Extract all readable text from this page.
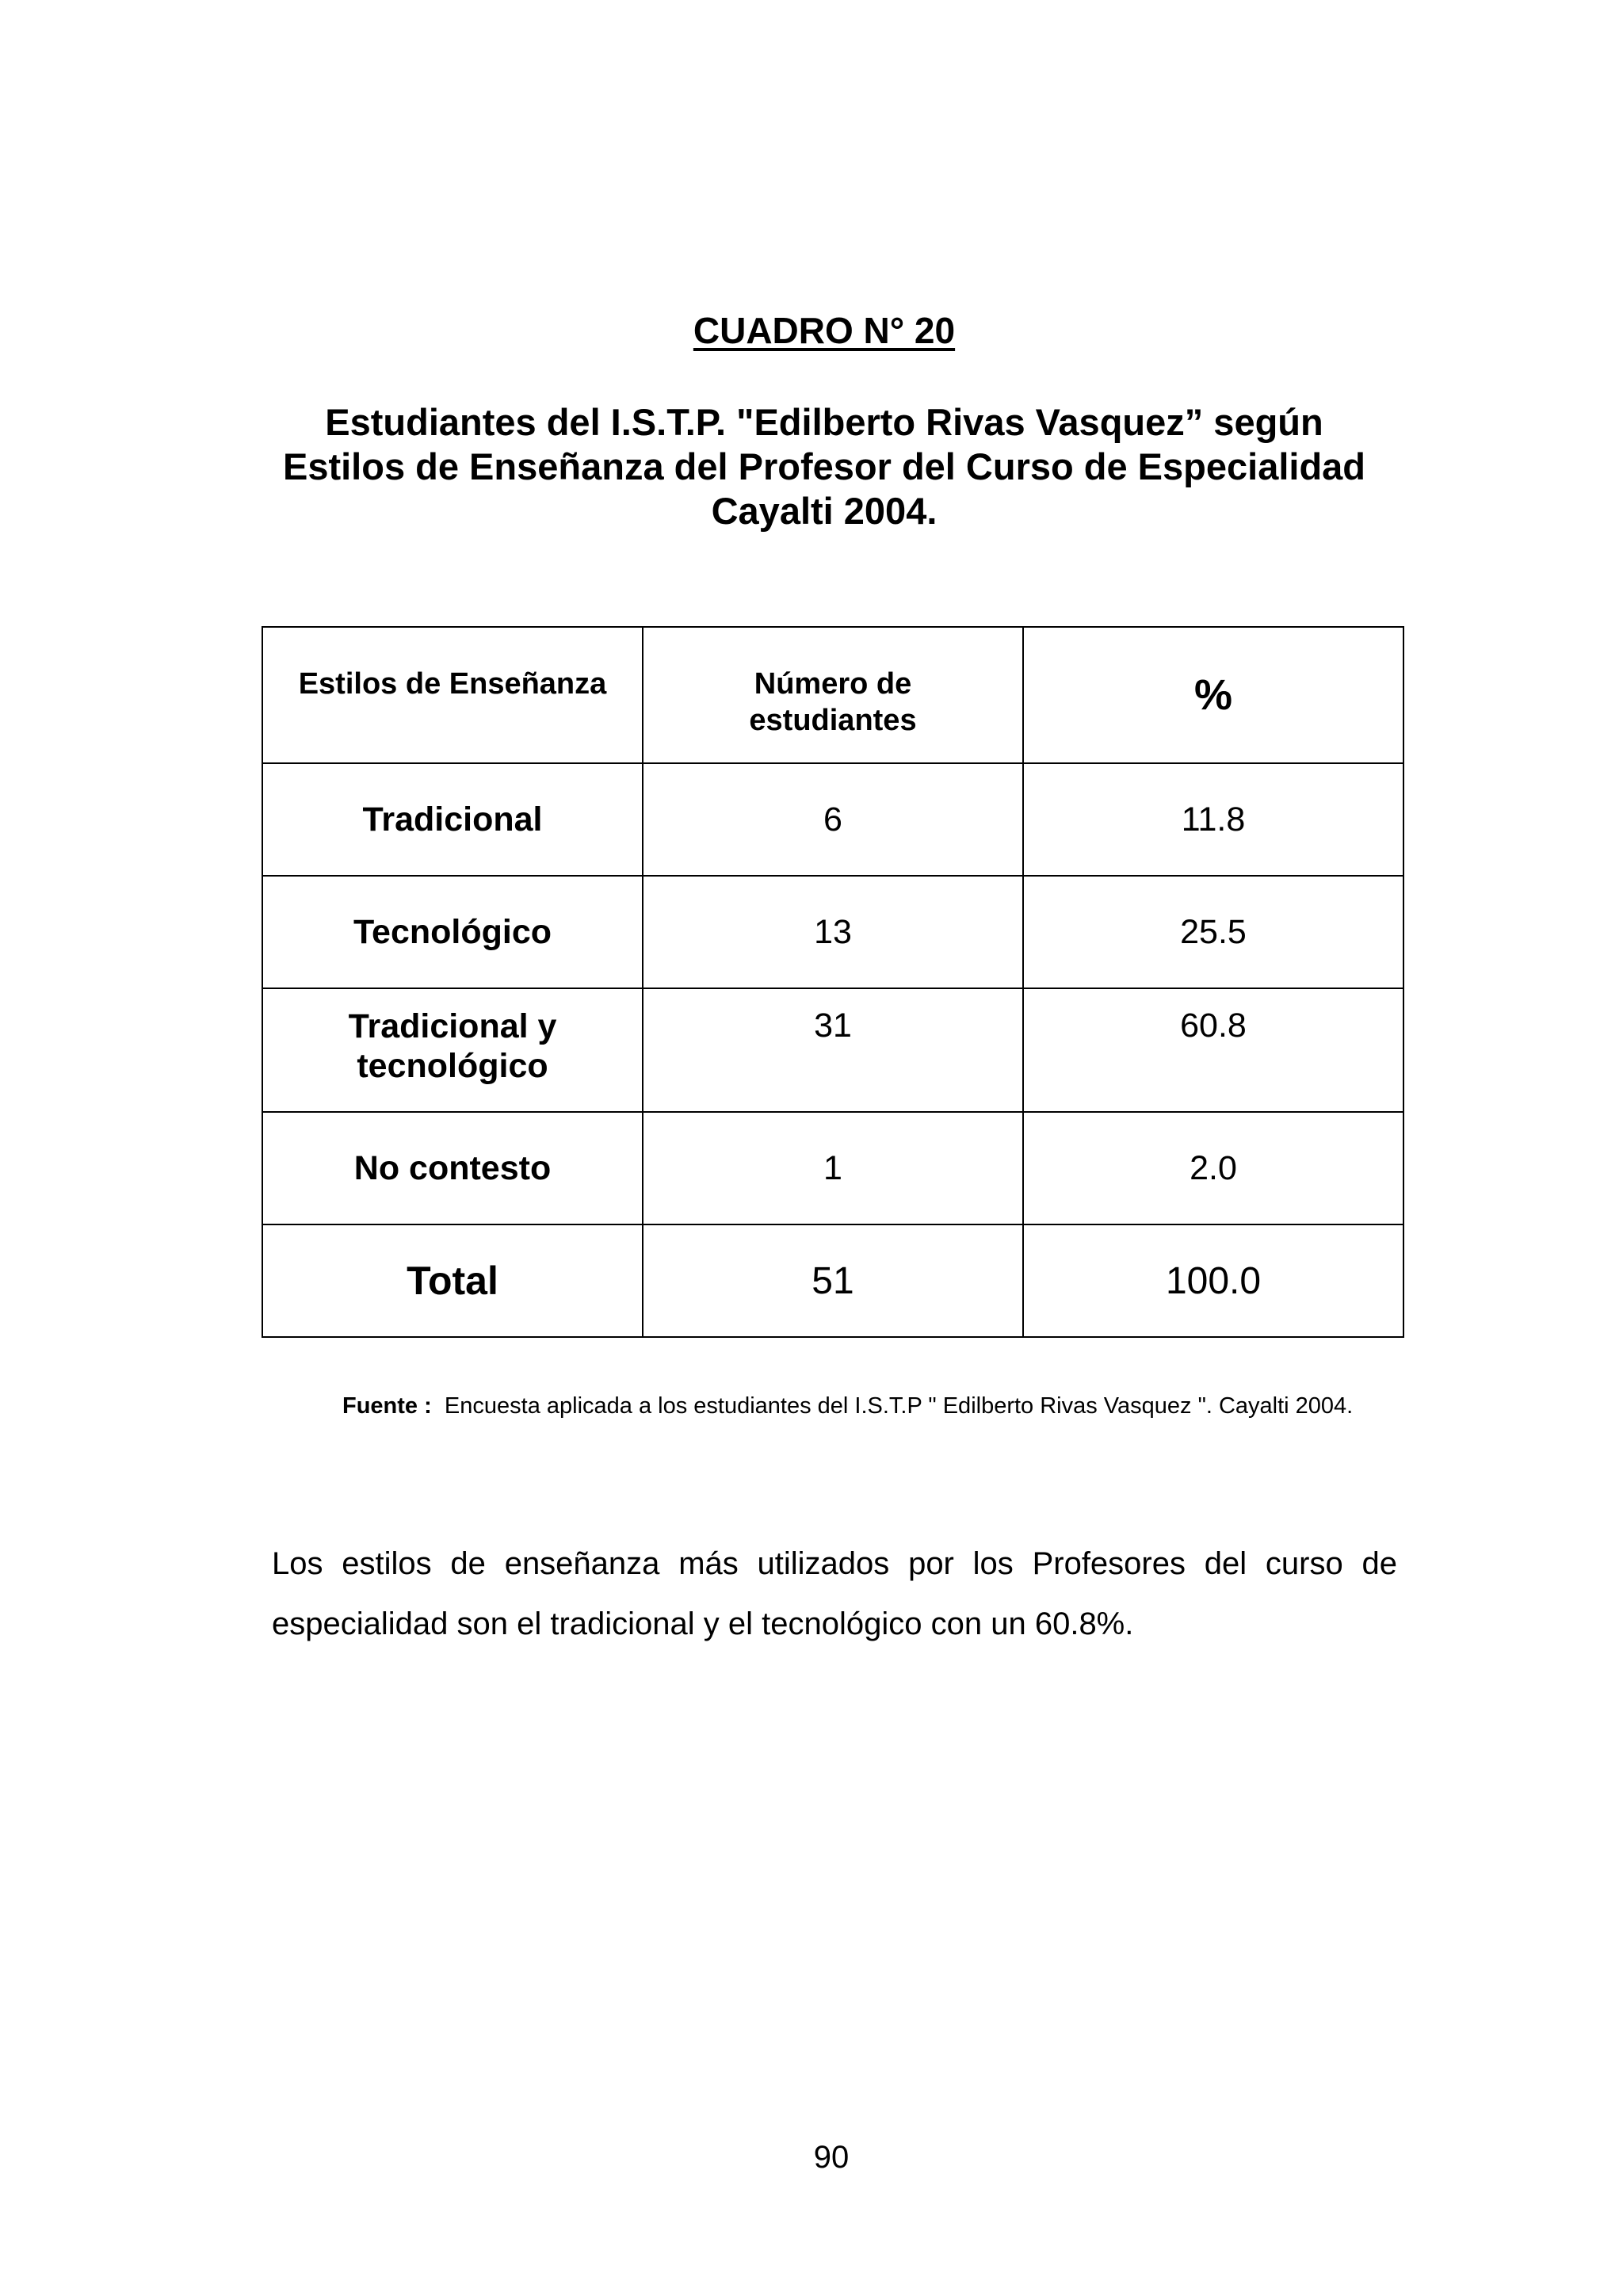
CUADRO N° 20
Estudiantes del I.S.T.P. "Edilberto Rivas Vasquez” según
Estilos de Enseñanza del Profesor del Curso de Especialidad
Cayalti 2004.
Estilos de Enseñanza	Número de estudiantes	%
Tradicional	6	11.8
Tecnológico	13	25.5

Tradicional y tecnológico	31	60.8
No contesto	1	2.0
Total	51	100.0
Fuente : Encuesta aplicada a los estudiantes del I.S.T.P " Edilberto Rivas Vasquez ". Cayalti 2004.
Los estilos de enseñanza más utilizados por los Profesores del curso de especialidad son el tradicional y el tecnológico con un 60.8%.
90
